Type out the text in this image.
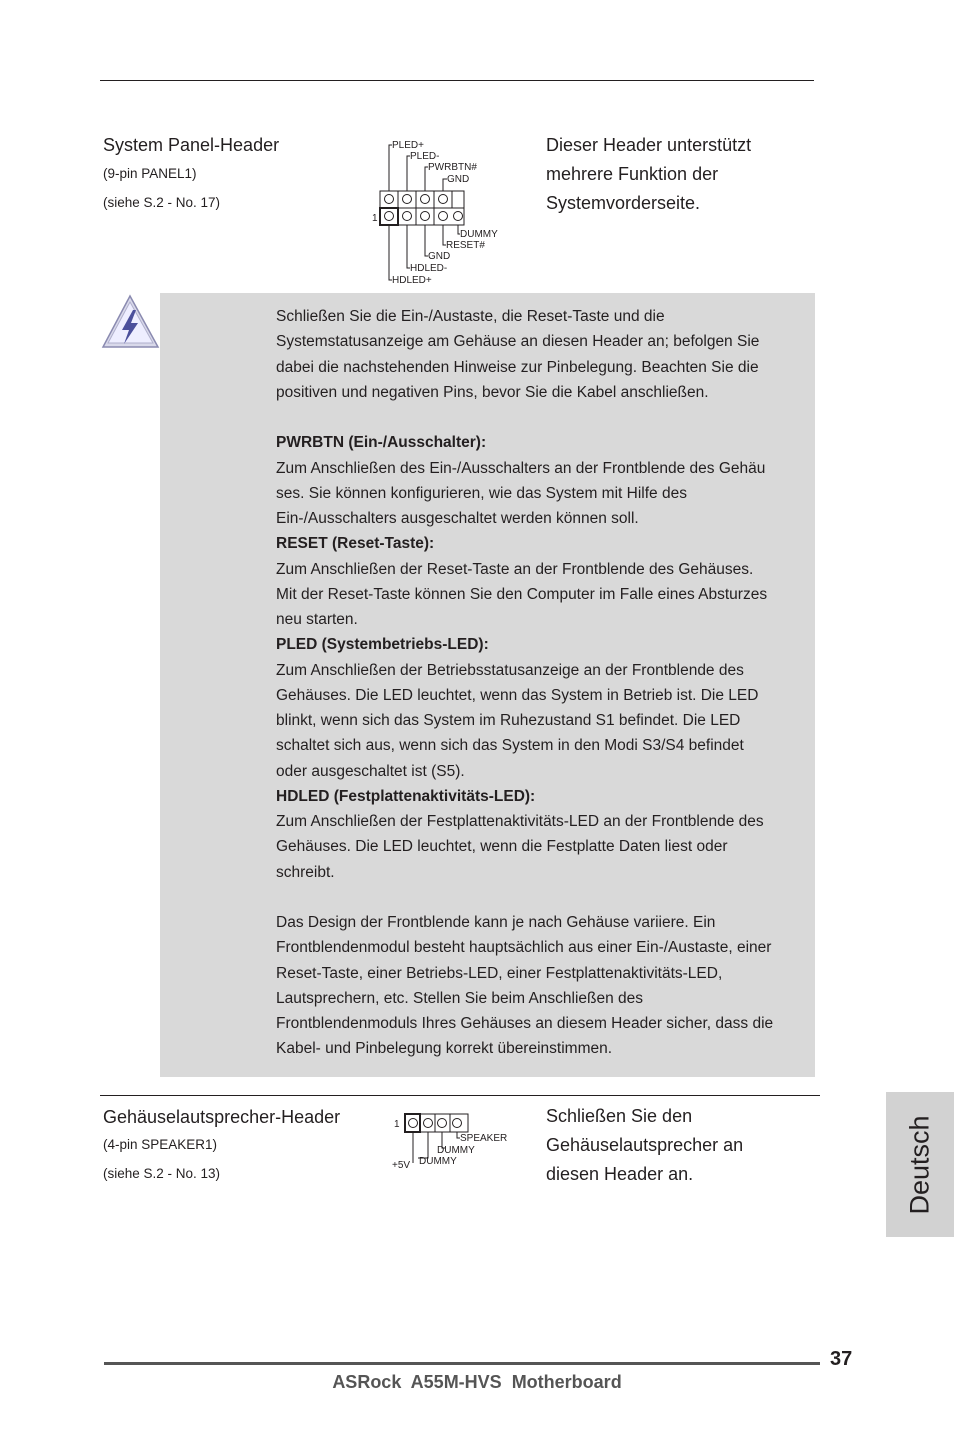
System Panel-Header
(9-pin PANEL1)
(siehe S.2 - No. 17)
PLED+
PLED-
PWRBTN#
GND
DUMMY
RESET#
GND
HDLED-
HDLED+
1
Dieser Header unterstützt
mehrere Funktion der
Systemvorderseite.

Schließen Sie die Ein-/Austaste, die Reset-Taste und die

Systemstatusanzeige am Gehäuse an diesen Header an; befolgen Sie

dabei die nachstehenden Hinweise zur Pinbelegung. Beachten Sie die

positiven und negativen Pins, bevor Sie die Kabel anschließen.

PWRBTN (Ein-/Ausschalter):

Zum Anschließen des Ein-/Ausschalters an der Frontblende des Gehäu

ses. Sie können konfigurieren, wie das System mit Hilfe des

Ein-/Ausschalters ausgeschaltet werden können soll.

RESET (Reset-Taste):

Zum Anschließen der Reset-Taste an der Frontblende des Gehäuses.

Mit der Reset-Taste können Sie den Computer im Falle eines Absturzes

neu starten.

PLED (Systembetriebs-LED):

Zum Anschließen der Betriebsstatusanzeige an der Frontblende des

Gehäuses. Die LED leuchtet, wenn das System in Betrieb ist. Die LED

blinkt, wenn sich das System im Ruhezustand S1 befindet. Die LED

schaltet sich aus, wenn sich das System in den Modi S3/S4 befindet

oder ausgeschaltet ist (S5).

HDLED (Festplattenaktivitäts-LED):

Zum Anschließen der Festplattenaktivitäts-LED an der Frontblende des

Gehäuses. Die LED leuchtet, wenn die Festplatte Daten liest oder

schreibt.

Das Design der Frontblende kann je nach Gehäuse variiere. Ein

Frontblendenmodul besteht hauptsächlich aus einer Ein-/Austaste, einer

Reset-Taste, einer Betriebs-LED, einer Festplattenaktivitäts-LED,

Lautsprechern, etc. Stellen Sie beim Anschließen des

Frontblendenmoduls Ihres Gehäuses an diesem Header sicher, dass die

Kabel- und Pinbelegung korrekt übereinstimmen.

Gehäuselautsprecher-Header
(4-pin SPEAKER1)
(siehe S.2 - No. 13)
1
SPEAKER
DUMMY
+5V DUMMY
Schließen Sie den
Gehäuselautsprecher an
diesen Header an.	Deutsch
37
ASRock  A55M-HVS  Motherboard
